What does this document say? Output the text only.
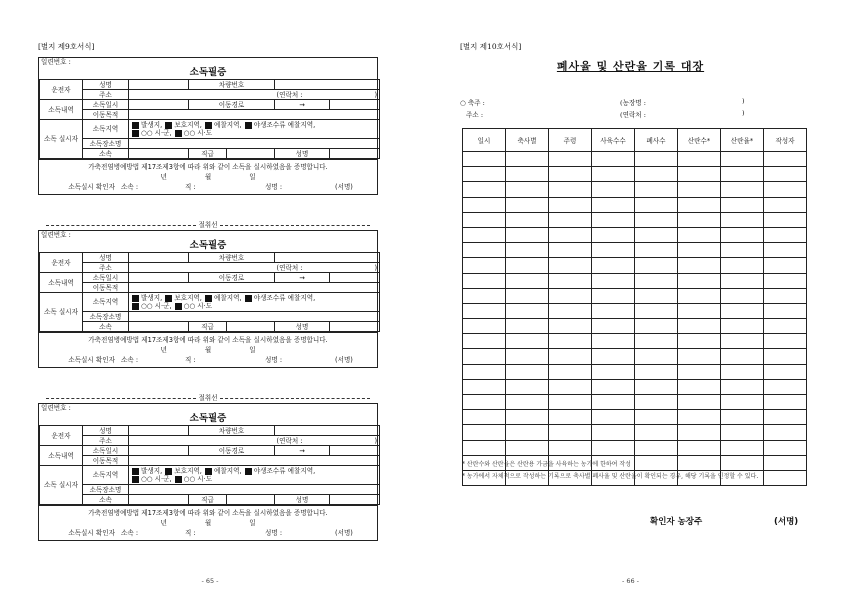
[별지 제9호서식]
일련번호 :
소독필증
운전자	성명		차량번호			
	주소				(연락처 :	)
소독내역	소독일시		이동경로		→	
	이동목적					
소독 실시자	소독지역	발생지, 보호지역, 예찰지역, 야생조수류 예찰지역,
○○ 시·군, ○○ 시·도				

	소독장소명					
	소속		직급		성명	
가축전염병예방법 제17조제3항에 따라 위와 같이 소독을 실시하였음을 증명합니다.
년	월	일
소독실시 확인자 소속 :	직 :	성명 :	(서명)
절취선
일련번호 :
소독필증
운전자	성명		차량번호			
	주소				(연락처 :	)
소독내역	소독일시		이동경로		→	
	이동목적					
소독 실시자	소독지역	발생지, 보호지역, 예찰지역, 야생조수류 예찰지역,
○○ 시·군, ○○ 시·도				

	소독장소명					
	소속		직급		성명	
가축전염병예방법 제17조제3항에 따라 위와 같이 소독을 실시하였음을 증명합니다.
년	월	일
소독실시 확인자 소속 :	직 :	성명 :	(서명)
절취선
일련번호 :
소독필증
운전자	성명		차량번호			
	주소				(연락처 :	)
소독내역	소독일시		이동경로		→	
	이동목적					
소독 실시자	소독지역	발생지, 보호지역, 예찰지역, 야생조수류 예찰지역,
○○ 시·군, ○○ 시·도				

	소독장소명					
	소속		직급		성명	
가축전염병예방법 제17조제3항에 따라 위와 같이 소독을 실시하였음을 증명합니다.
년	월	일
소독실시 확인자 소속 :	직 :	성명 :	(서명)
- 65 -
[별지 제10호서식]
폐사율 및 산란율 기록 대장
○ 축주 :	(농장명 :	)
주소 :	(연락처 :	)
일시	축사별	주령	사육수수	폐사수	산란수*	산란율*	작성자

* 산란수와 산란율은 산란용 가금을 사육하는 농가에 한하여 작성

* 농가에서 자체적으로 작성하는 기록으로 축사별 폐사율 및 산란율이 확인되는 경우, 해당 기록을 인정할 수 있다.

확인자 농장주	(서명)
- 66 -
